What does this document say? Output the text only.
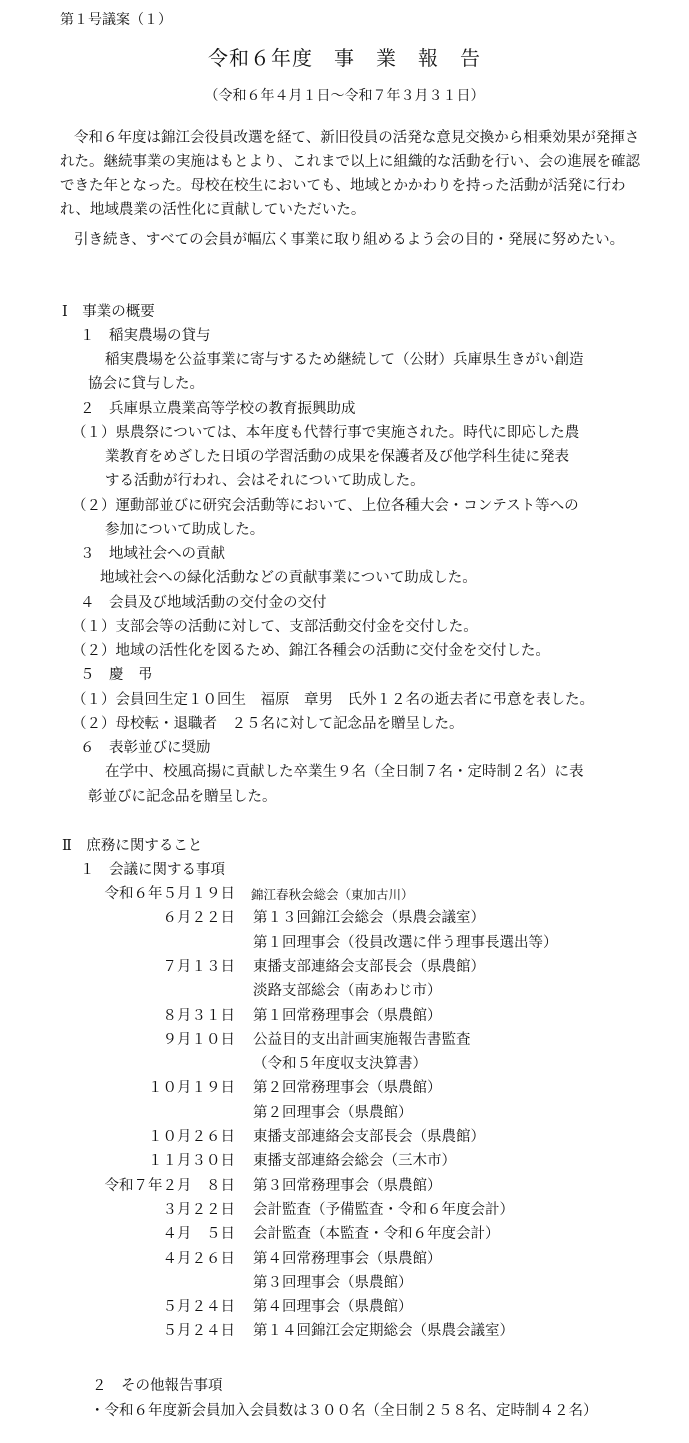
第１号議案（１）
令和６年度　事　業　報　告
（令和６年４月１日～令和７年３月３１日）
令和６年度は錦江会役員改選を経て、新旧役員の活発な意見交換から相乗効果が発揮された。継続事業の実施はもとより、これまで以上に組織的な活動を行い、会の進展を確認できた年となった。母校在校生においても、地域とかかわりを持った活動が活発に行われ、地域農業の活性化に貢献していただいた。
引き続き、すべての会員が幅広く事業に取り組めるよう会の目的・発展に努めたい。
Ⅰ　事業の概要
１　稲実農場の貸与
稲実農場を公益事業に寄与するため継続して（公財）兵庫県生きがい創造
協会に貸与した。
２　兵庫県立農業高等学校の教育振興助成
（１）県農祭については、本年度も代替行事で実施された。時代に即応した農
業教育をめざした日頃の学習活動の成果を保護者及び他学科生徒に発表
する活動が行われ、会はそれについて助成した。
（２）運動部並びに研究会活動等において、上位各種大会・コンテスト等への
参加について助成した。
３　地域社会への貢献
地域社会への緑化活動などの貢献事業について助成した。
４　会員及び地域活動の交付金の交付
（１）支部会等の活動に対して、支部活動交付金を交付した。
（２）地域の活性化を図るため、錦江各種会の活動に交付金を交付した。
５　慶　弔
（１）会員回生定１０回生　福原　章男　氏外１２名の逝去者に弔意を表した。
（２）母校転・退職者　２５名に対して記念品を贈呈した。
６　表彰並びに奨励
在学中、校風高揚に貢献した卒業生９名（全日制７名・定時制２名）に表
彰並びに記念品を贈呈した。
Ⅱ　庶務に関すること
１　会議に関する事項
令和６年５月１９日 錦江春秋会総会（東加古川）
６月２２日 第１３回錦江会総会（県農会議室）
第１回理事会（役員改選に伴う理事長選出等）
７月１３日 東播支部連絡会支部長会（県農館）
淡路支部総会（南あわじ市）
８月３１日 第１回常務理事会（県農館）
９月１０日 公益目的支出計画実施報告書監査
（令和５年度収支決算書）
１０月１９日 第２回常務理事会（県農館）
第２回理事会（県農館）
１０月２６日 東播支部連絡会支部長会（県農館）
１１月３０日 東播支部連絡会総会（三木市）
令和７年２月　８日 第３回常務理事会（県農館）
３月２２日 会計監査（予備監査・令和６年度会計）
４月　５日 会計監査（本監査・令和６年度会計）
４月２６日 第４回常務理事会（県農館）
第３回理事会（県農館）
５月２４日 第４回理事会（県農館）
５月２４日 第１４回錦江会定期総会（県農会議室）
２　その他報告事項
・令和６年度新会員加入会員数は３００名（全日制２５８名、定時制４２名）
